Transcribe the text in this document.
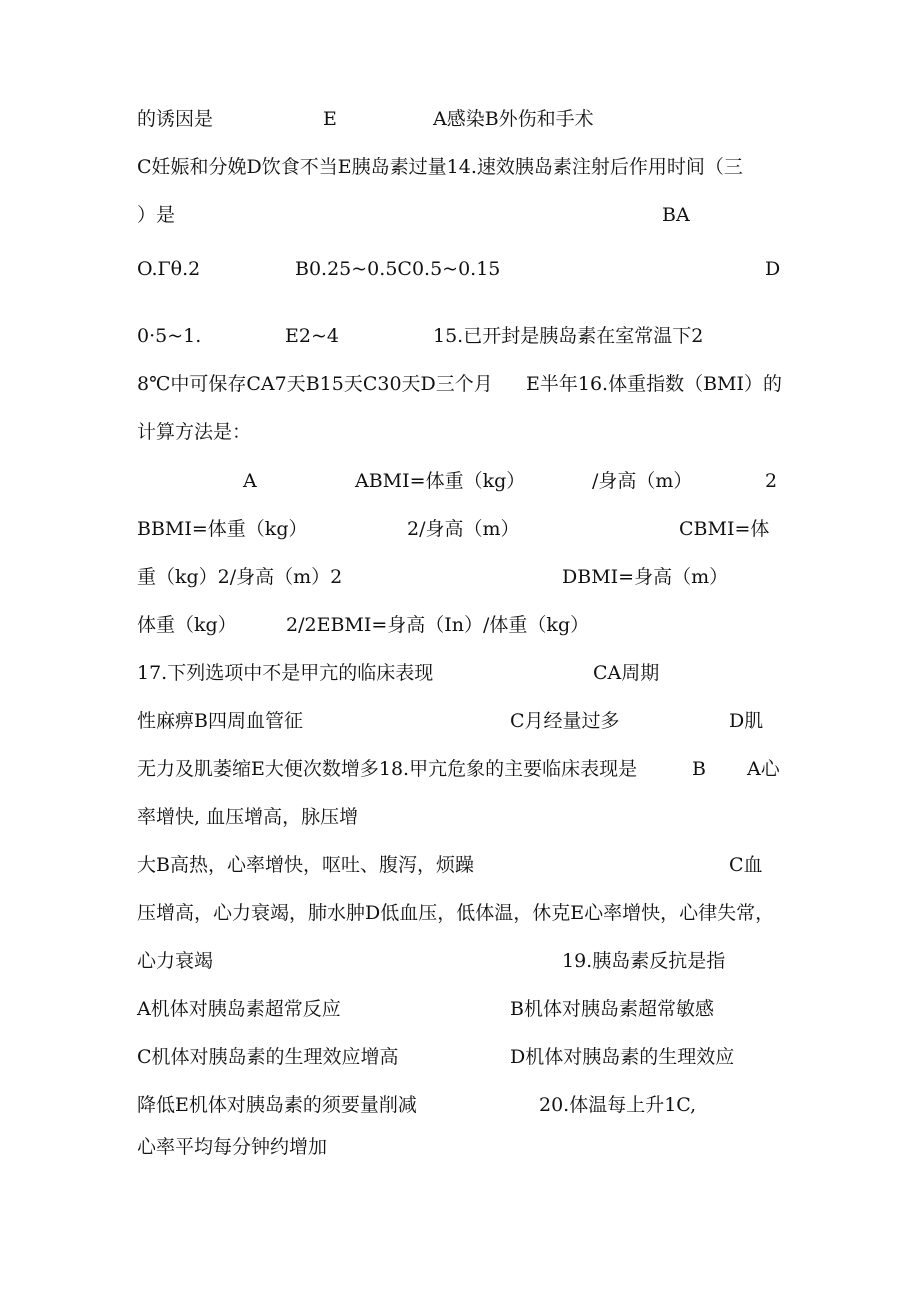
的诱因是	E	A感染B外伤和手术
C妊娠和分娩D饮食不当E胰岛素过量14.速效胰岛素注射后作用时间（三
）是	BA
O.Γθ.2	B0.25~0.5C0.5~0.15	D
0·5~1.	E2~4	15.已开封是胰岛素在室常温下2
8℃中可保存CA7天B15天C30天D三个月 E半年16.体重指数（BMI）的
计算方法是：
A	ABMI=体重（kg）	/身高（m）	2
BBMI=体重（kg）	2/身高（m）	CBMI=体
重（kg）2/身高（m）2	DBMI=身高（m）
体重（kg）	2/2EBMI=身高（In）/体重（kg）
17.下列选项中不是甲亢的临床表现	CA周期
性麻痹B四周血管征	C月经量过多	D肌
无力及肌萎缩E大便次数增多18.甲亢危象的主要临床表现是	B A心
率增快, 血压增高，脉压增
大B高热，心率增快，呕吐、腹泻，烦躁	C血
压增高，心力衰竭，肺水肿D低血压，低体温，休克E心率增快，心律失常，
心力衰竭	19.胰岛素反抗是指
A机体对胰岛素超常反应	B机体对胰岛素超常敏感
C机体对胰岛素的生理效应增高	D机体对胰岛素的生理效应
降低E机体对胰岛素的须要量削减	20.体温每上升1C,
心率平均每分钟约增加
